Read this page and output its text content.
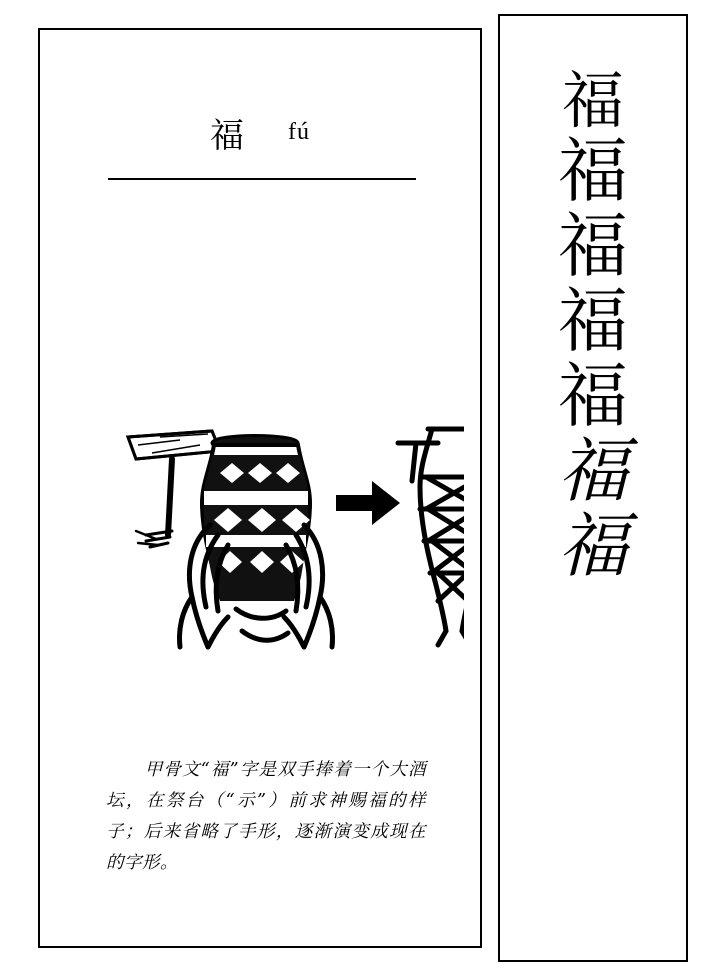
福 fú
甲骨文“福”字是双手捧着一个大酒坛，在祭台（“示”）前求神赐福的样子；后来省略了手形，逐渐演变成现在的字形。
福
福
福
福
福
福
福
